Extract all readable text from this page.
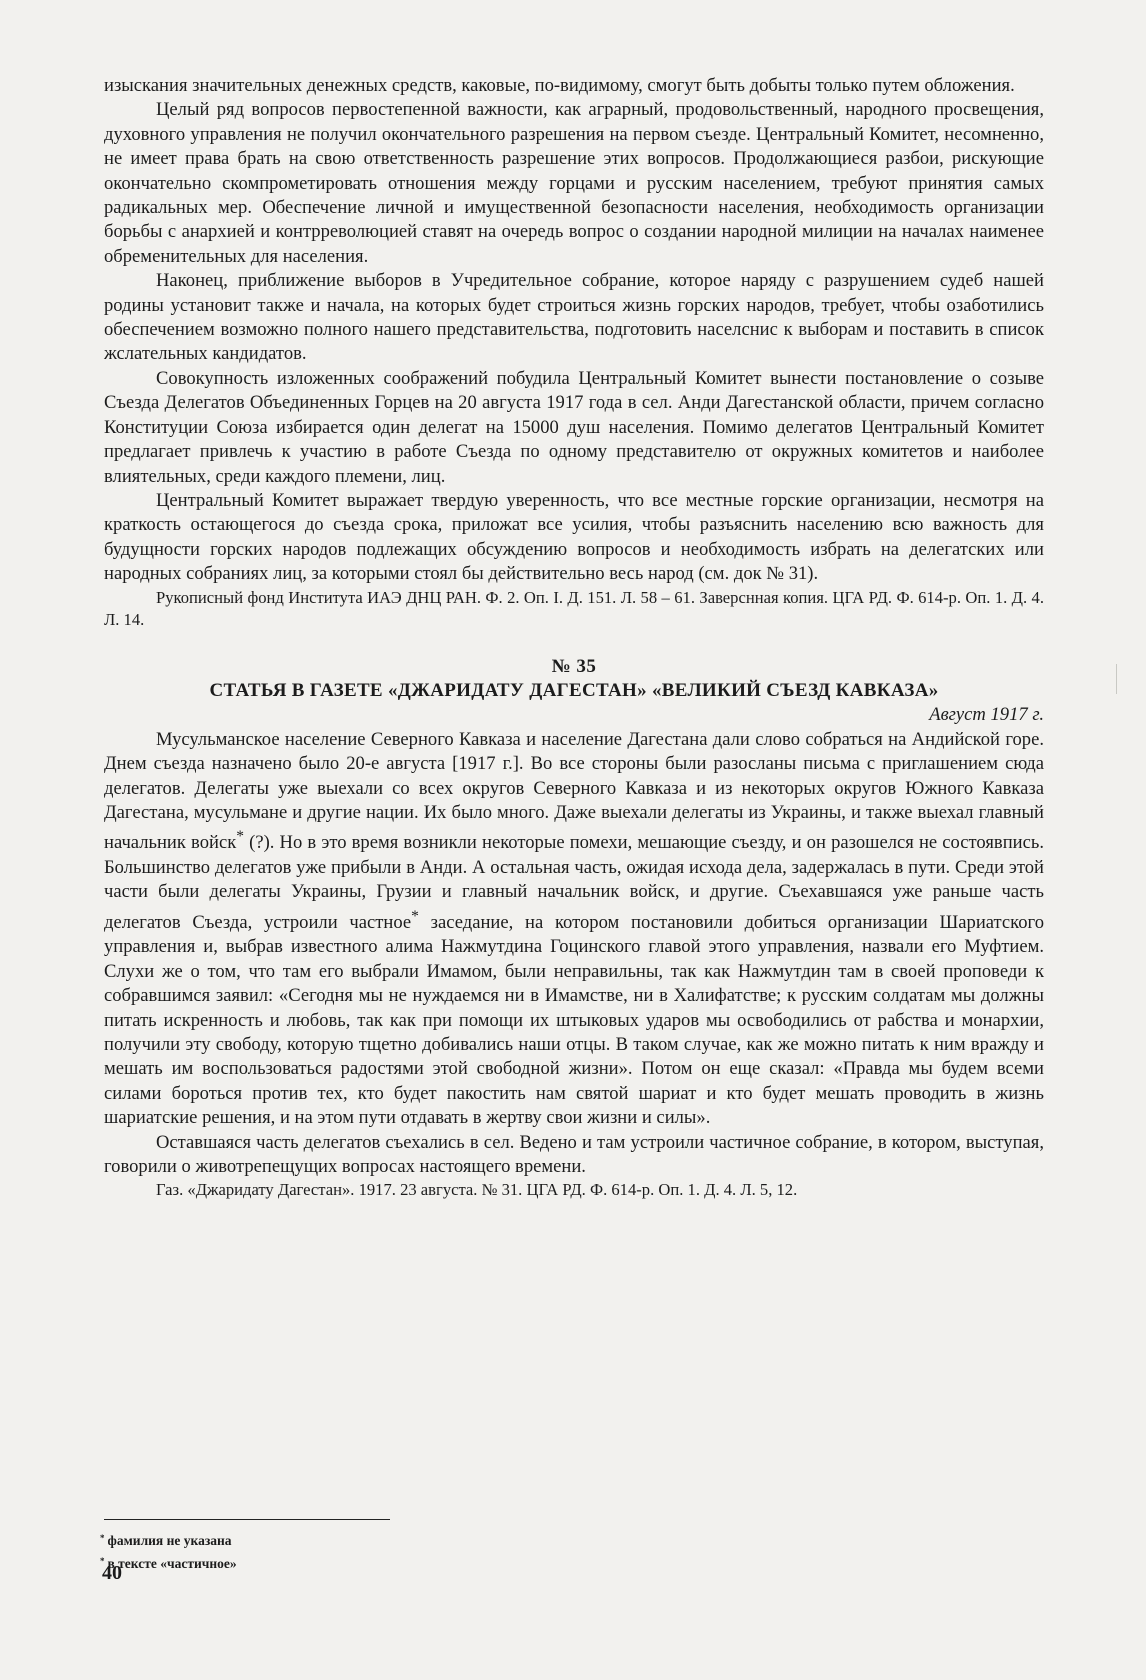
изыскания значительных денежных средств, каковые, по-видимому, смогут быть добыты только путем обложения.

Целый ряд вопросов первостепенной важности, как аграрный, продовольственный, народного просвещения, духовного управления не получил окончательного разрешения на первом съезде. Центральный Комитет, несомненно, не имеет права брать на свою ответственность разрешение этих вопросов. Продолжающиеся разбои, рискующие окончательно скомпрометировать отношения между горцами и русским населением, требуют принятия самых радикальных мер. Обеспечение личной и имущественной безопасности населения, необходимость организации борьбы с анархией и контрреволюцией ставят на очередь вопрос о создании народной милиции на началах наименее обременительных для населения.

Наконец, приближение выборов в Учредительное собрание, которое наряду с разрушением судеб нашей родины установит также и начала, на которых будет строиться жизнь горских народов, требует, чтобы озаботились обеспечением возможно полного нашего представительства, подготовить населснис к выборам и поставить в список жслательных кандидатов.

Совокупность изложенных соображений побудила Центральный Комитет вынести постановление о созыве Съезда Делегатов Объединенных Горцев на 20 августа 1917 года в сел. Анди Дагестанской области, причем согласно Конституции Союза избирается один делегат на 15000 душ населения. Помимо делегатов Центральный Комитет предлагает привлечь к участию в работе Съезда по одному представителю от окружных комитетов и наиболее влиятельных, среди каждого племени, лиц.

Центральный Комитет выражает твердую уверенность, что все местные горские организации, несмотря на краткость остающегося до съезда срока, приложат все усилия, чтобы разъяснить населению всю важность для будущности горских народов подлежащих обсуждению вопросов и необходимость избрать на делегатских или народных собраниях лиц, за которыми стоял бы действительно весь народ (см. док № 31).

Рукописный фонд Института ИАЭ ДНЦ РАН. Ф. 2. Оп. I. Д. 151. Л. 58 – 61. Заверснная копия. ЦГА РД. Ф. 614-р. Оп. 1. Д. 4. Л. 14.

№ 35
СТАТЬЯ В ГАЗЕТЕ «ДЖАРИДАТУ ДАГЕСТАН» «ВЕЛИКИЙ СЪЕЗД КАВКАЗА»
Август 1917 г.

Мусульманское население Северного Кавказа и население Дагестана дали слово собраться на Андийской горе. Днем съезда назначено было 20-е августа [1917 г.]. Во все стороны были разосланы письма с приглашением сюда делегатов. Делегаты уже выехали со всех округов Северного Кавказа и из некоторых округов Южного Кавказа Дагестана, мусульмане и другие нации. Их было много. Даже выехали делегаты из Украины, и также выехал главный начальник войск* (?). Но в это время возникли некоторые помехи, мешающие съезду, и он разошелся не состоявпись. Большинство делегатов уже прибыли в Анди. А остальная часть, ожидая исхода дела, задержалась в пути. Среди этой части были делегаты Украины, Грузии и главный начальник войск, и другие. Съехавшаяся уже раньше часть делегатов Съезда, устроили частное* заседание, на котором постановили добиться организации Шариатского управления и, выбрав известного алима Нажмутдина Гоцинского главой этого управления, назвали его Муфтием. Слухи же о том, что там его выбрали Имамом, были неправильны, так как Нажмутдин там в своей проповеди к собравшимся заявил: «Сегодня мы не нуждаемся ни в Имамстве, ни в Халифатстве; к русским солдатам мы должны питать искренность и любовь, так как при помощи их штыковых ударов мы освободились от рабства и монархии, получили эту свободу, которую тщетно добивались наши отцы. В таком случае, как же можно питать к ним вражду и мешать им воспользоваться радостями этой свободной жизни». Потом он еще сказал: «Правда мы будем всеми силами бороться против тех, кто будет пакостить нам святой шариат и кто будет мешать проводить в жизнь шариатские решения, и на этом пути отдавать в жертву свои жизни и силы».

Оставшаяся часть делегатов съехались в сел. Ведено и там устроили частичное собрание, в котором, выступая, говорили о животрепещущих вопросах настоящего времени.

Газ. «Джаридату Дагестан». 1917. 23 августа. № 31. ЦГА РД. Ф. 614-р. Оп. 1. Д. 4. Л. 5, 12.

* фамилия не указана
* в тексте «частичное»
40
